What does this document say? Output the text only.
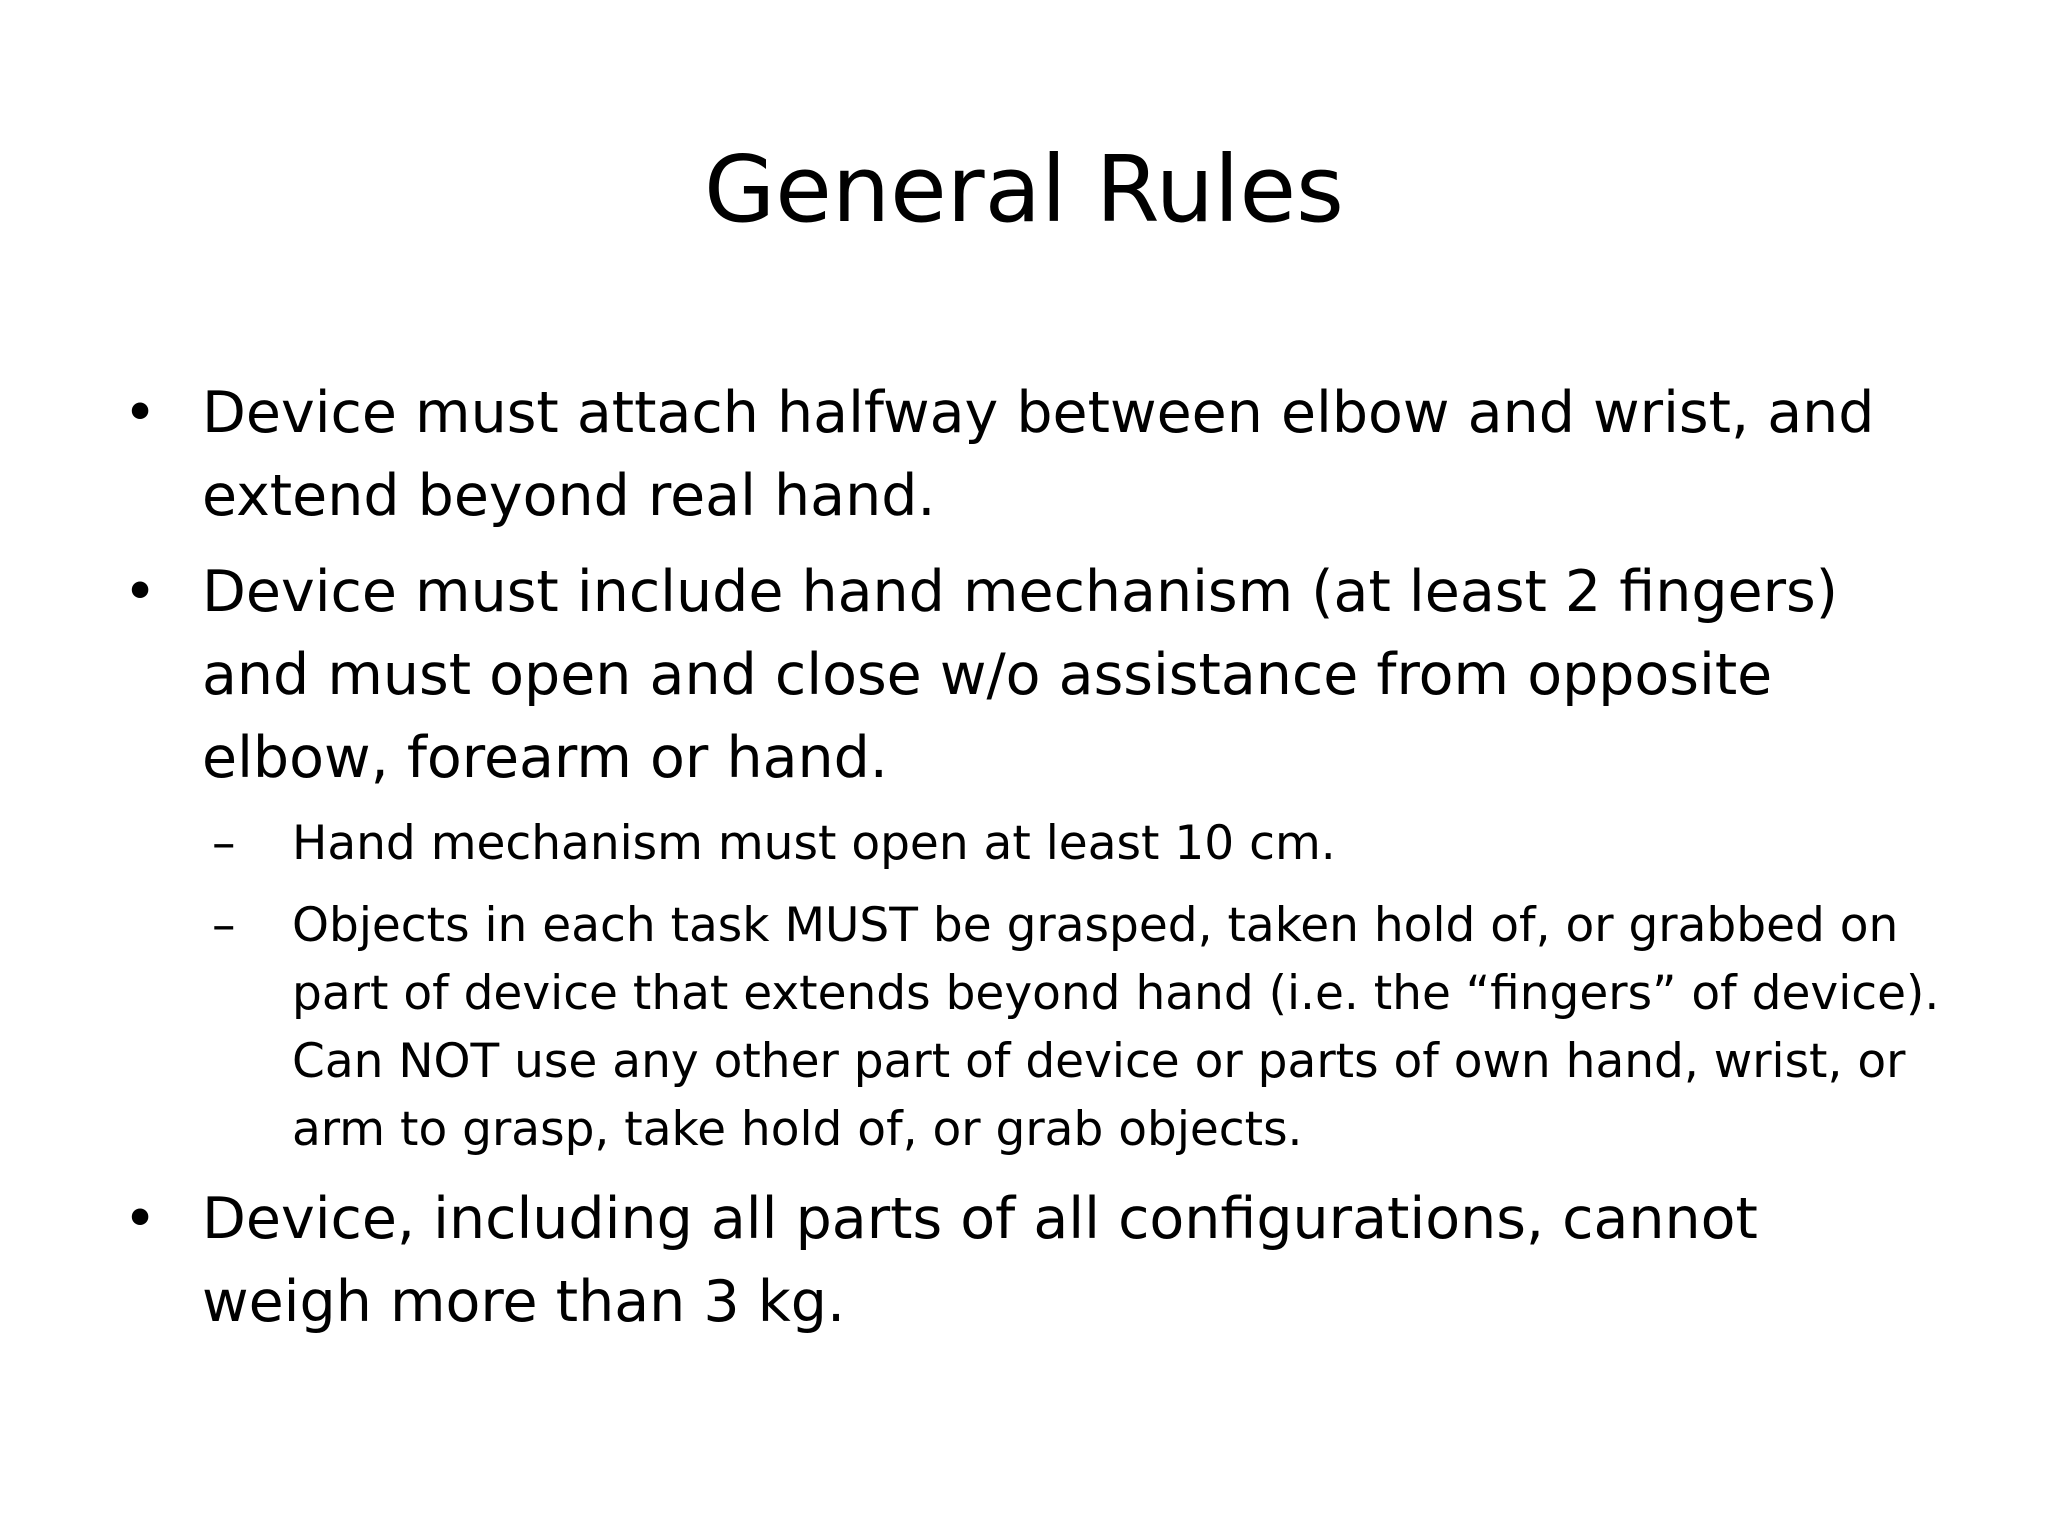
General Rules
• Device must attach halfway between elbow and wrist, and extend beyond real hand.
• Device must include hand mechanism (at least 2 fingers) and must open and close w/o assistance from opposite elbow, forearm or hand.
–	Hand mechanism must open at least 10 cm.
–	Objects in each task MUST be grasped, taken hold of, or grabbed on part of device that extends beyond hand (i.e. the “fingers” of device). Can NOT use any other part of device or parts of own hand, wrist, or arm to grasp, take hold of, or grab objects.
• Device, including all parts of all configurations, cannot weigh more than 3 kg.
